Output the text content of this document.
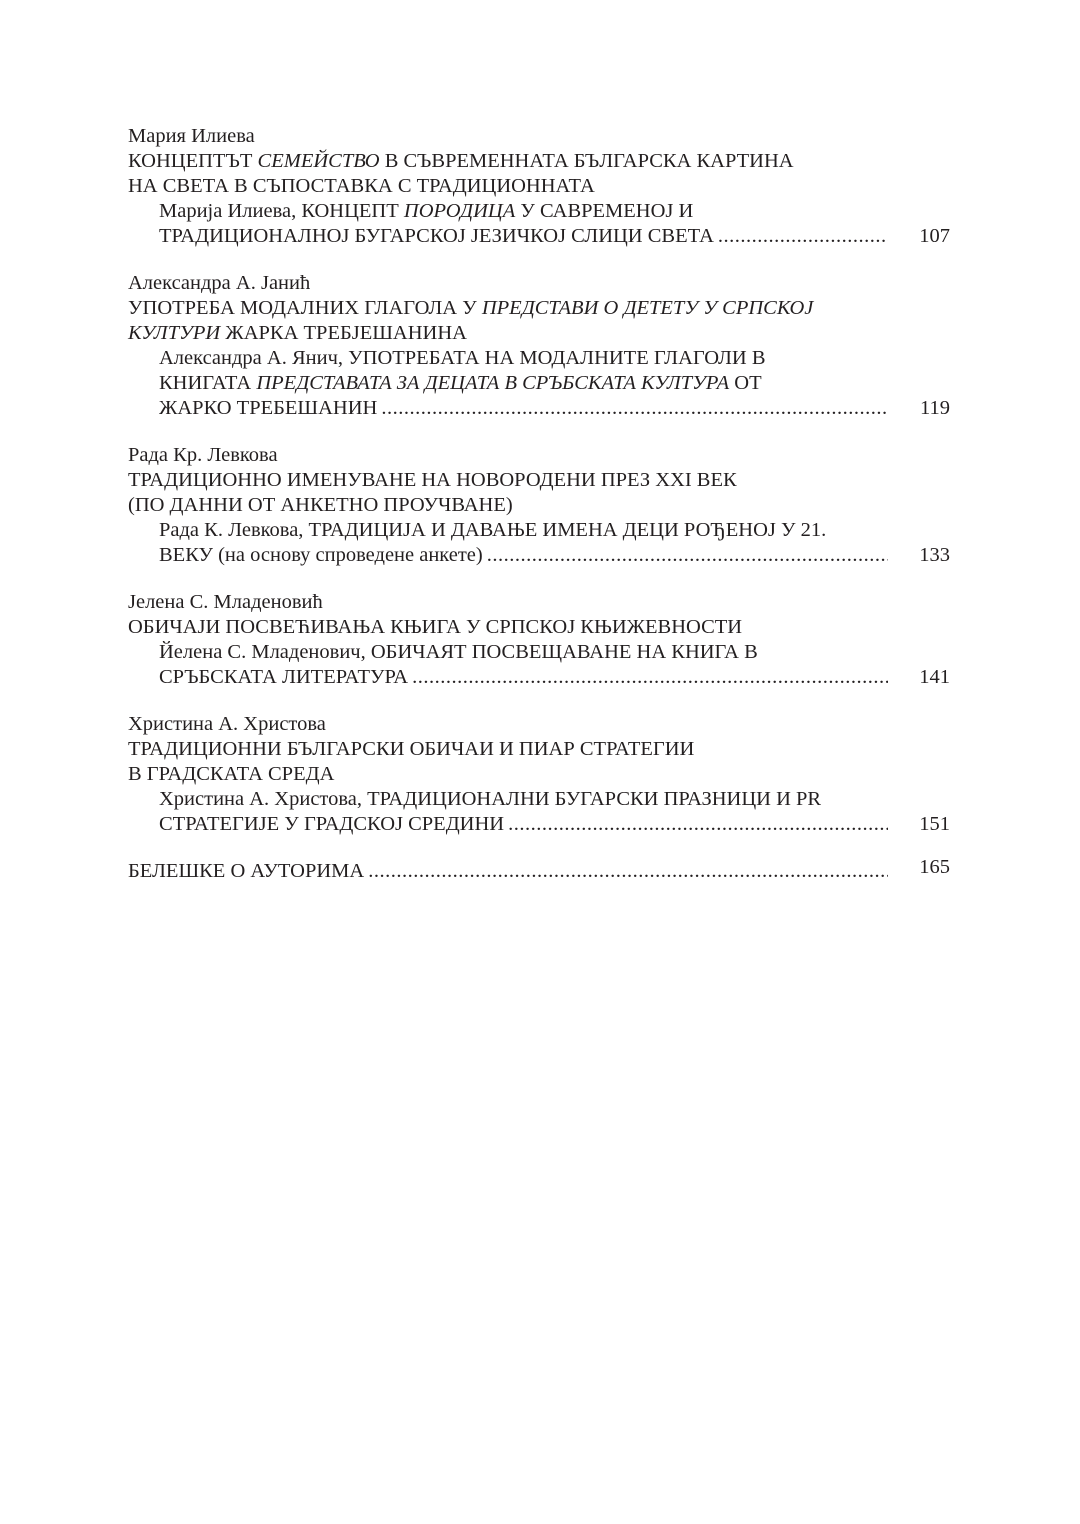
Мария Илиева
КОНЦЕПТЪТ СЕМЕЙСТВО В СЪВРЕМЕННАТА БЪЛГАРСКА КАРТИНА
НА СВЕТА В СЪПОСТАВКА С ТРАДИЦИОННАТА
Марија Илиева, КОНЦЕПТ ПОРОДИЦА У САВРЕМЕНОЈ И
ТРАДИЦИОНАЛНОЈ БУГАРСКОЈ ЈЕЗИЧКОЈ СЛИЦИ СВЕТА .....	107
Александра А. Јанић
УПОТРЕБА МОДАЛНИХ ГЛАГОЛА У ПРЕДСТАВИ О ДЕТЕТУ У СРПСКОЈ
КУЛТУРИ ЖАРКА ТРЕБЈЕШАНИНА
Александра А. Янич, УПОТРЕБАТА НА МОДАЛНИТЕ ГЛАГОЛИ В
КНИГАТА ПРЕДСТАВАТА ЗА ДЕЦАТА В СРЪБСКАТА КУЛТУРА ОТ
ЖАРКО ТРЕБЕШАНИН .....	119
Рада Кр. Левкова
ТРАДИЦИОННО ИМЕНУВАНЕ НА НОВОРОДЕНИ ПРЕЗ XXI ВЕК
(ПО ДАННИ ОТ АНКЕТНО ПРОУЧВАНЕ)
Рада К. Левкова, ТРАДИЦИЈА И ДАВАЊЕ ИМЕНА ДЕЦИ РОЂЕНОЈ У 21.
ВЕКУ (на основу спроведене анкете) .....	133
Јелена С. Младеновић
ОБИЧАЈИ ПОСВЕЋИВАЊА КЊИГА У СРПСКОЈ КЊИЖЕВНОСТИ
Йелена С. Младенович, ОБИЧАЯТ ПОСВЕЩАВАНЕ НА КНИГА В
СРЪБСКАТА ЛИТЕРАТУРА .....	141
Христина А. Христова
ТРАДИЦИОННИ БЪЛГАРСКИ ОБИЧАИ И ПИАР СТРАТЕГИИ
В ГРАДСКАТА СРЕДА
Христина А. Христова, ТРАДИЦИОНАЛНИ БУГАРСКИ ПРАЗНИЦИ И PR
СТРАТЕГИЈЕ У ГРАДСКОЈ СРЕДИНИ .....	151
БЕЛЕШКЕ О АУТОРИМА .....	165
